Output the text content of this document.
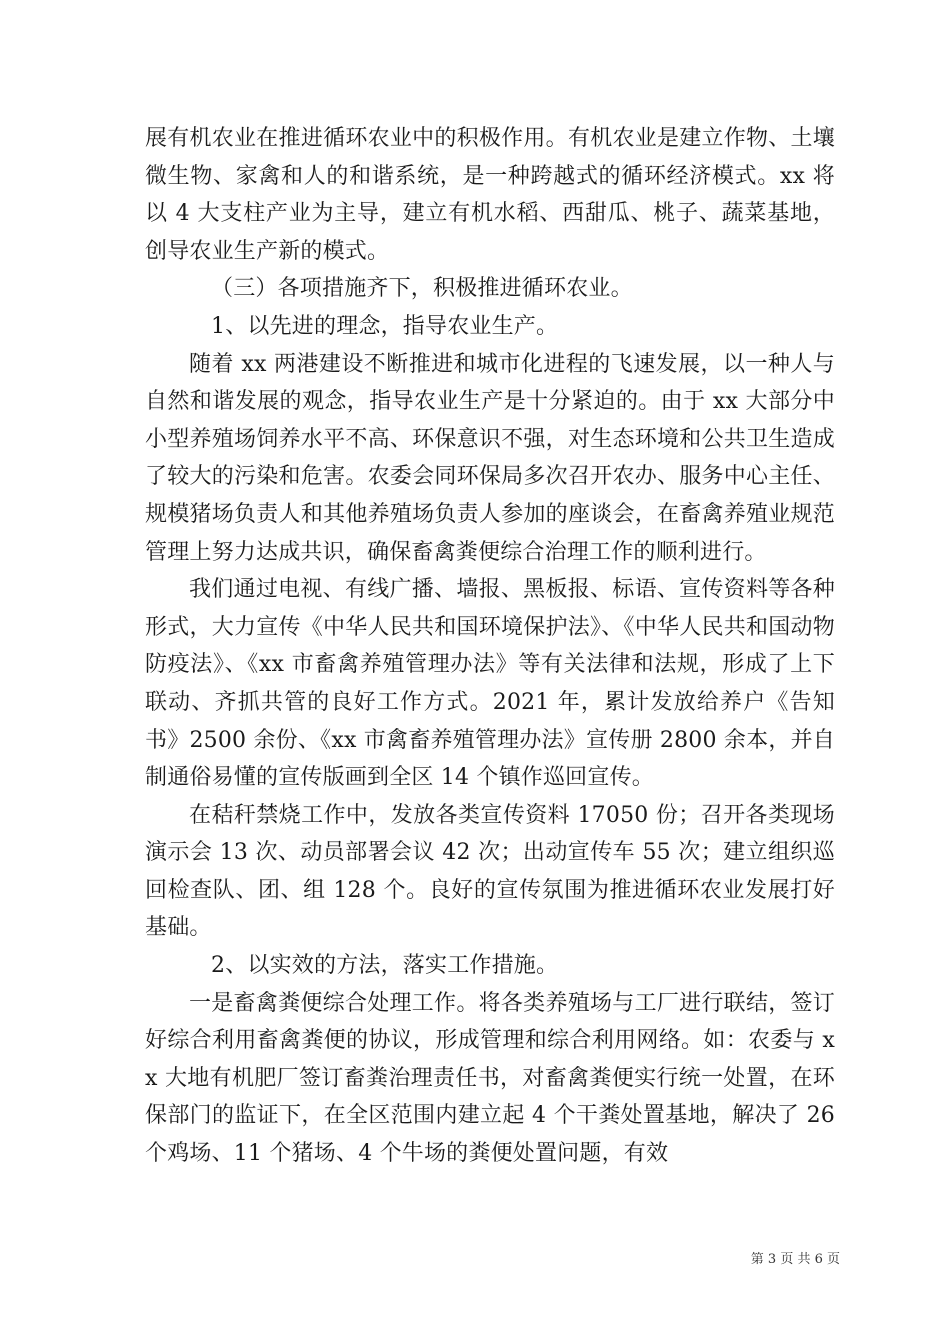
展有机农业在推进循环农业中的积极作用。有机农业是建立作物、土壤微生物、家禽和人的和谐系统，是一种跨越式的循环经济模式。xx 将以 4 大支柱产业为主导，建立有机水稻、西甜瓜、桃子、蔬菜基地，创导农业生产新的模式。

（三）各项措施齐下，积极推进循环农业。

1、以先进的理念，指导农业生产。

随着 xx 两港建设不断推进和城市化进程的飞速发展，以一种人与自然和谐发展的观念，指导农业生产是十分紧迫的。由于 xx 大部分中小型养殖场饲养水平不高、环保意识不强，对生态环境和公共卫生造成了较大的污染和危害。农委会同环保局多次召开农办、服务中心主任、规模猪场负责人和其他养殖场负责人参加的座谈会，在畜禽养殖业规范管理上努力达成共识，确保畜禽粪便综合治理工作的顺利进行。

我们通过电视、有线广播、墙报、黑板报、标语、宣传资料等各种形式，大力宣传《中华人民共和国环境保护法》、《中华人民共和国动物防疫法》、《xx 市畜禽养殖管理办法》等有关法律和法规，形成了上下联动、齐抓共管的良好工作方式。2021 年，累计发放给养户《告知书》2500 余份、《xx 市禽畜养殖管理办法》宣传册 2800 余本，并自制通俗易懂的宣传版画到全区 14 个镇作巡回宣传。

在秸秆禁烧工作中，发放各类宣传资料 17050 份；召开各类现场演示会 13 次、动员部署会议 42 次；出动宣传车 55 次；建立组织巡回检查队、团、组 128 个。良好的宣传氛围为推进循环农业发展打好基础。

2、以实效的方法，落实工作措施。

一是畜禽粪便综合处理工作。将各类养殖场与工厂进行联结，签订好综合利用畜禽粪便的协议，形成管理和综合利用网络。如：农委与 xx 大地有机肥厂签订畜粪治理责任书，对畜禽粪便实行统一处置，在环保部门的监证下，在全区范围内建立起 4 个干粪处置基地，解决了 26 个鸡场、11 个猪场、4 个牛场的粪便处置问题，有效

第 3 页 共 6 页
